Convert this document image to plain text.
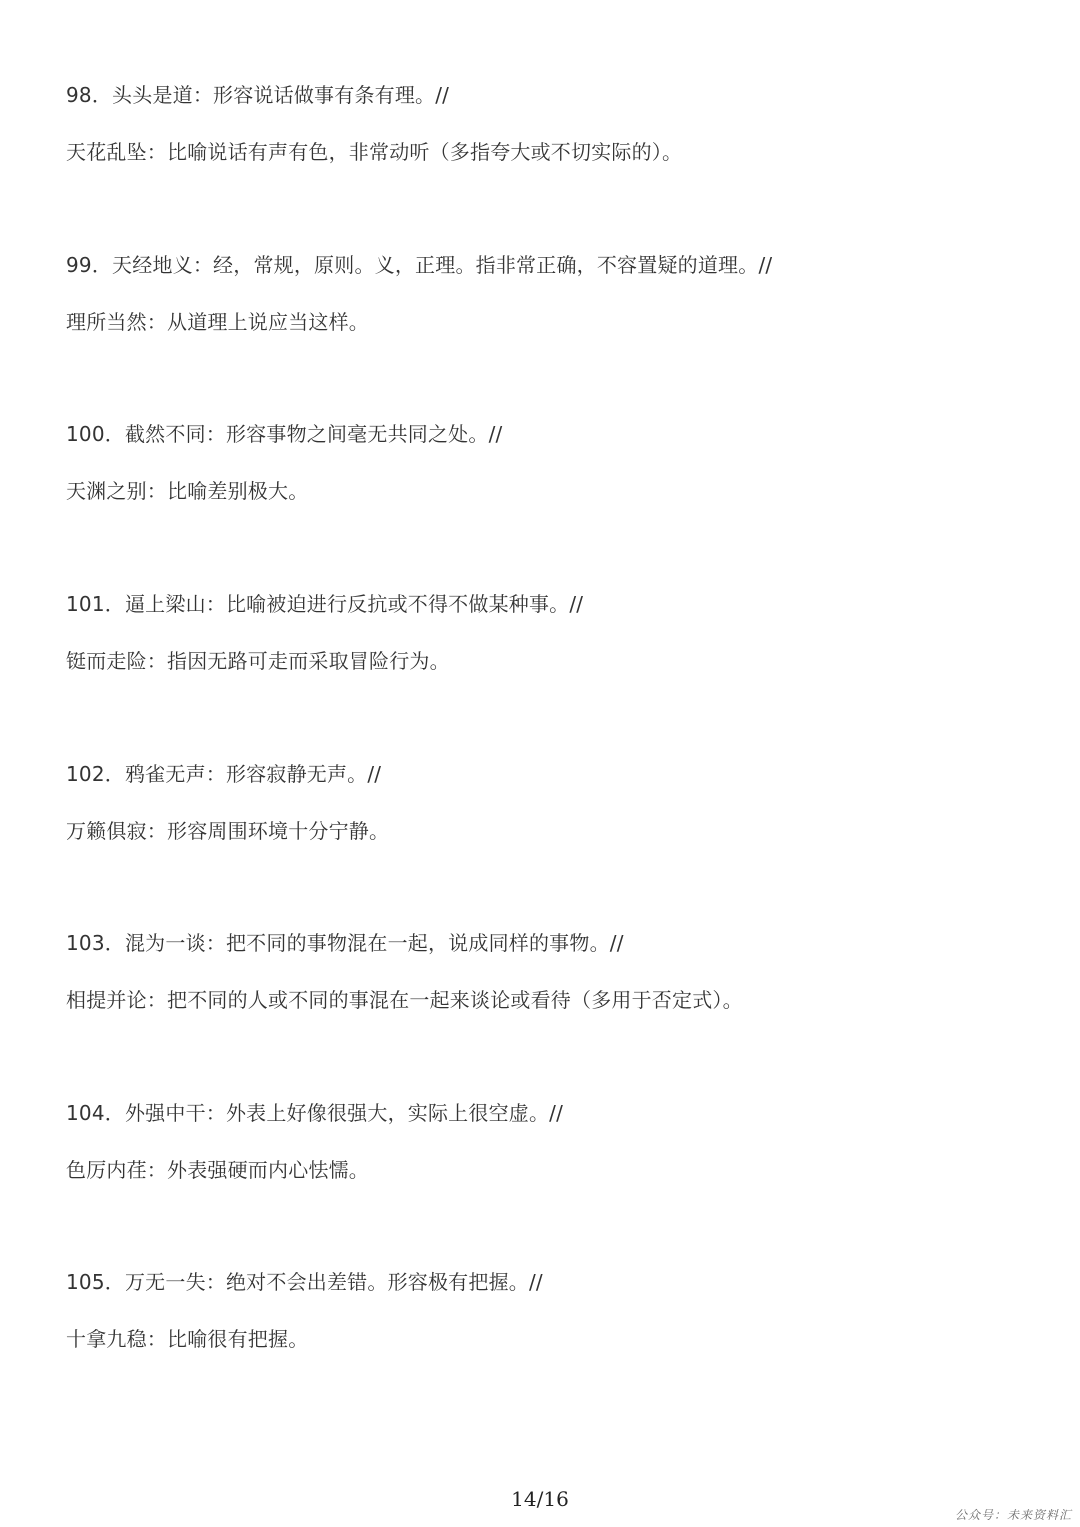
98．头头是道：形容说话做事有条有理。//
天花乱坠：比喻说话有声有色，非常动听（多指夸大或不切实际的）。
99．天经地义：经，常规，原则。义，正理。指非常正确，不容置疑的道理。//
理所当然：从道理上说应当这样。
100．截然不同：形容事物之间毫无共同之处。//
天渊之别：比喻差别极大。
101．逼上梁山：比喻被迫进行反抗或不得不做某种事。//
铤而走险：指因无路可走而采取冒险行为。
102．鸦雀无声：形容寂静无声。//
万籁俱寂：形容周围环境十分宁静。
103．混为一谈：把不同的事物混在一起，说成同样的事物。//
相提并论：把不同的人或不同的事混在一起来谈论或看待（多用于否定式）。
104．外强中干：外表上好像很强大，实际上很空虚。//
色厉内荏：外表强硬而内心怯懦。
105．万无一失：绝对不会出差错。形容极有把握。//
十拿九稳：比喻很有把握。
14/16
公众号：未来资料汇
